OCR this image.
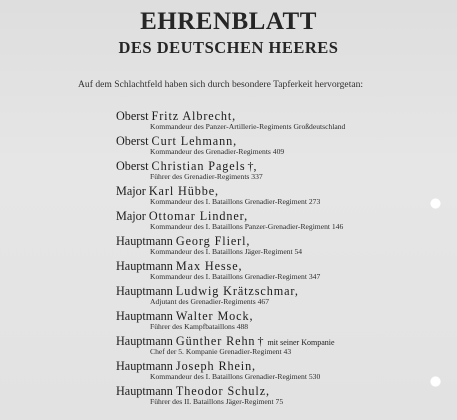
EHRENBLATT
DES DEUTSCHEN HEERES
Auf dem Schlachtfeld haben sich durch besondere Tapferkeit hervorgetan:
Oberst Fritz Albrecht,
Kommandeur des Panzer-Artillerie-Regiments Großdeutschland
Oberst Curt Lehmann,
Kommandeur des Grenadier-Regiments 409
Oberst Christian Pagels †,
Führer des Grenadier-Regiments 337
Major Karl Hübbe,
Kommandeur des I. Bataillons Grenadier-Regiment 273
Major Ottomar Lindner,
Kommandeur des I. Bataillons Panzer-Grenadier-Regiment 146
Hauptmann Georg Flierl,
Kommandeur des I. Bataillons Jäger-Regiment 54
Hauptmann Max Hesse,
Kommandeur des I. Bataillons Grenadier-Regiment 347
Hauptmann Ludwig Krätzschmar,
Adjutant des Grenadier-Regiments 467
Hauptmann Walter Mock,
Führer des Kampfbataillons 488
Hauptmann Günther Rehn † mit seiner Kompanie
Chef der 5. Kompanie Grenadier-Regiment 43
Hauptmann Joseph Rhein,
Kommandeur des I. Bataillons Grenadier-Regiment 530
Hauptmann Theodor Schulz,
Führer des II. Bataillons Jäger-Regiment 75
